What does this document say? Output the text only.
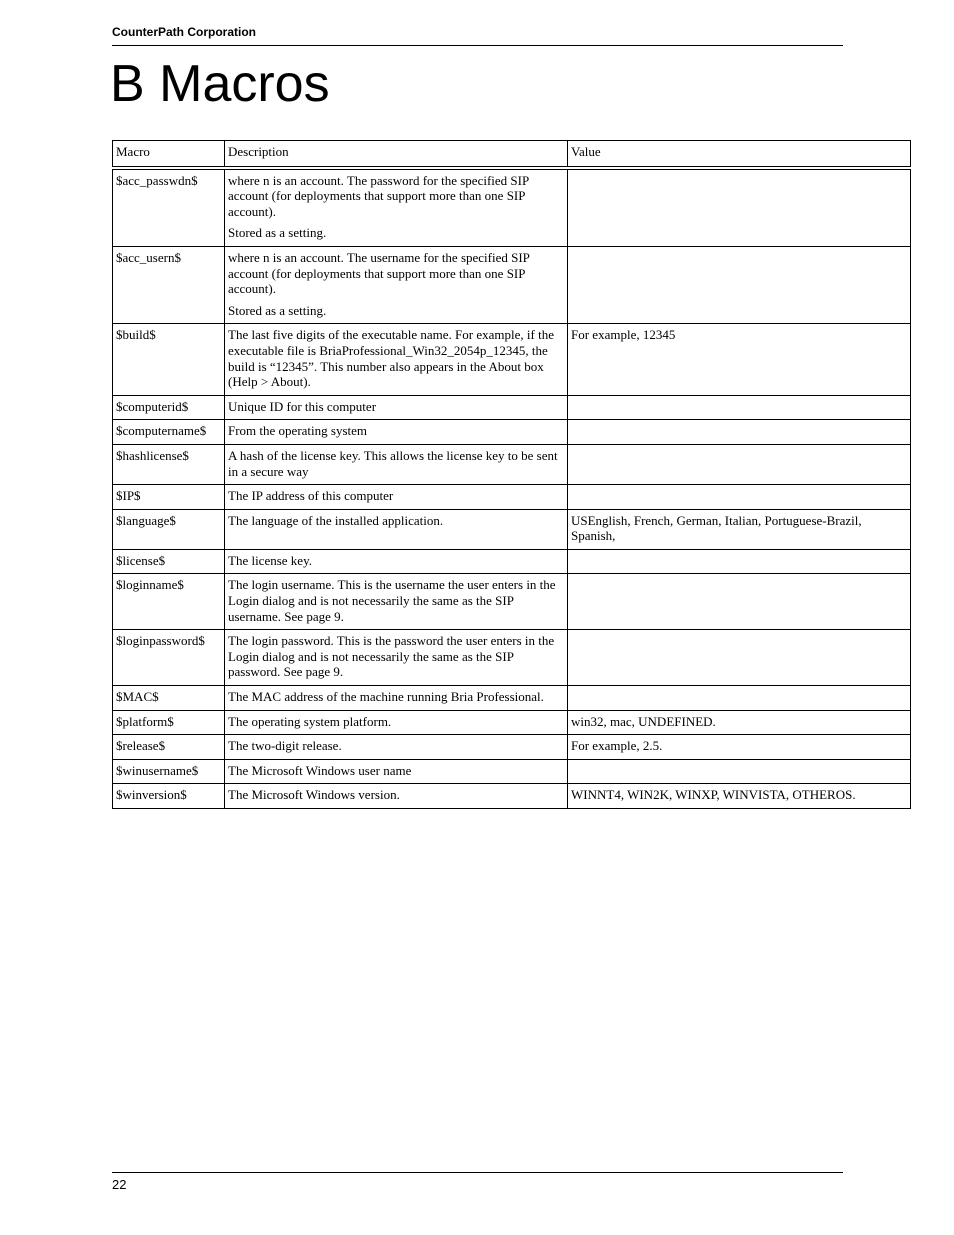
CounterPath Corporation
B Macros
Macro	Description	Value
$acc_passwdn$	where n is an account. The password for the specified SIP account (for deployments that support more than one SIP account).

Stored as a setting.	

$acc_usern$	where n is an account. The username for the specified SIP account (for deployments that support more than one SIP account).

Stored as a setting.	

$build$	The last five digits of the executable name. For example, if the executable file is BriaProfessional_Win32_2054p_12345, the build is “12345”. This number also appears in the About box (Help > About).	For example, 12345
$computerid$	Unique ID for this computer	

$computername$	From the operating system	

$hashlicense$	A hash of the license key. This allows the license key to be sent in a secure way	

$IP$	The IP address of this computer	

$language$	The language of the installed application.	USEnglish, French, German, Italian, Portuguese-Brazil, Spanish,
$license$	The license key.	

$loginname$	The login username. This is the username the user enters in the Login dialog and is not necessarily the same as the SIP username. See page 9.	

$loginpassword$	The login password. This is the password the user enters in the Login dialog and is not necessarily the same as the SIP password. See page 9.	

$MAC$	The MAC address of the machine running Bria Professional.	

$platform$	The operating system platform.	win32, mac, UNDEFINED.
$release$	The two-digit release.	For example, 2.5.
$winusername$	The Microsoft Windows user name	

$winversion$	The Microsoft Windows version.	WINNT4, WIN2K, WINXP, WINVISTA, OTHEROS.
22
